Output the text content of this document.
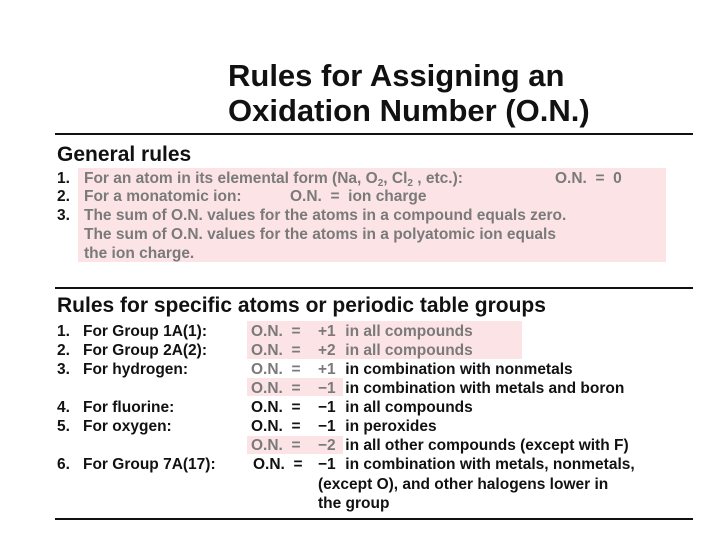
Rules for Assigning an
Oxidation Number (O.N.)
General rules
1. For an atom in its elemental form (Na, $O_2$, $Cl_2$ , etc.):	O.N.  =  0
2. For a monatomic ion:	O.N.  =  ion charge
3. The sum of O.N. values for the atoms in a compound equals zero.
The sum of O.N. values for the atoms in a polyatomic ion equals
the ion charge.
Rules for specific atoms or periodic table groups
1. For Group 1A(1):	O.N.  = +1 in all compounds
2. For Group 2A(2):	O.N.  = +2 in all compounds
3. For hydrogen:	O.N.  = +1 in combination with nonmetals
O.N.  = −1 in combination with metals and boron
4. For fluorine:	O.N.  = −1 in all compounds
5. For oxygen:	O.N.  = −1 in peroxides
O.N.  = −2 in all other compounds (except with F)
6. For Group 7A(17): O.N.  = −1 in combination with metals, nonmetals,
(except O), and other halogens lower in
the group
